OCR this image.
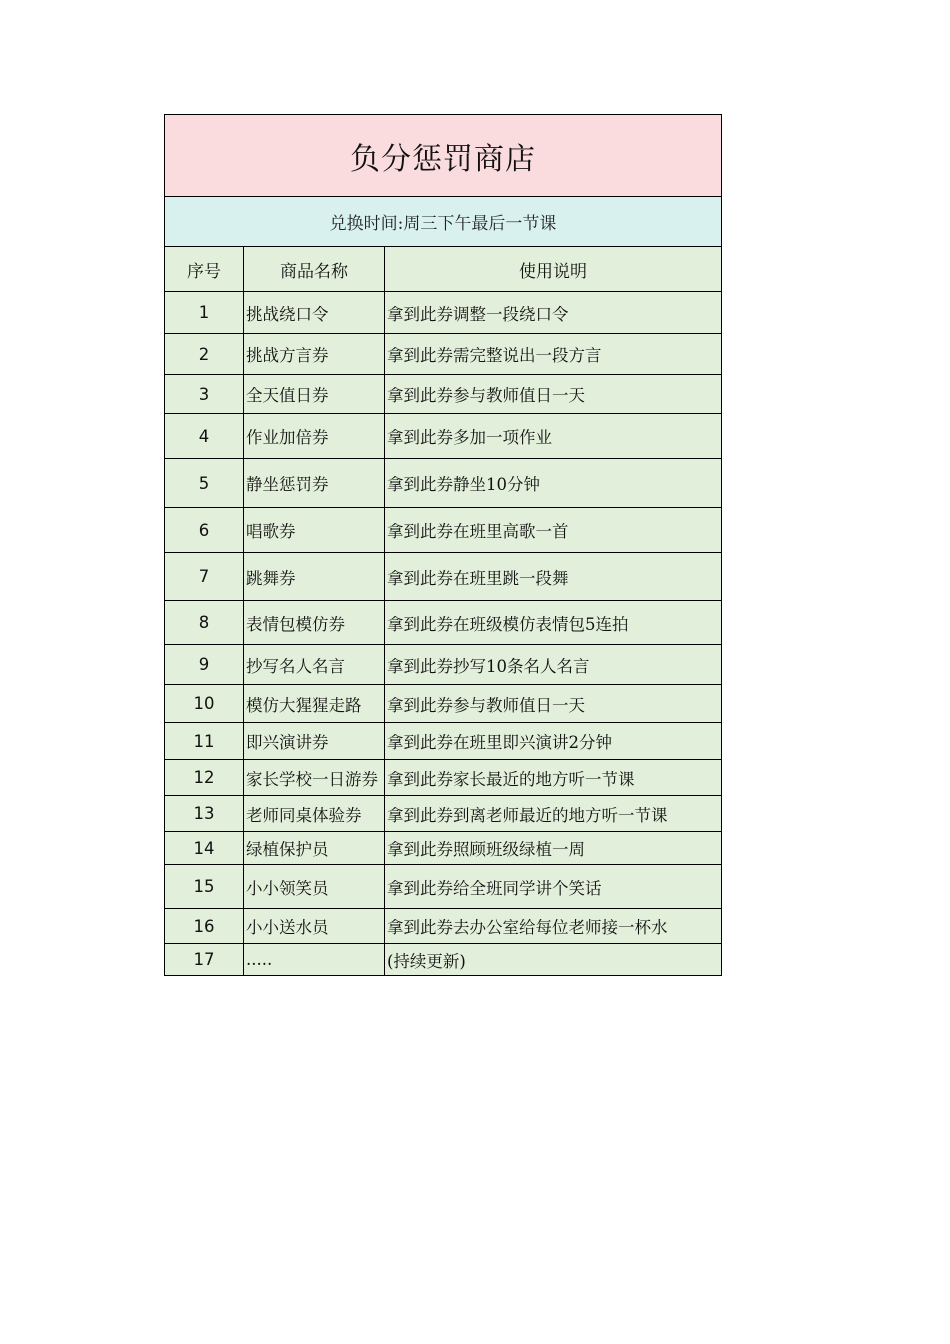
负分惩罚商店		
兑换时间:周三下午最后一节课		
序号	商品名称	使用说明
1	挑战绕口令	拿到此券调整一段绕口令
2	挑战方言券	拿到此券需完整说出一段方言
3	全天值日券	拿到此券参与教师值日一天
4	作业加倍券	拿到此券多加一项作业
5	静坐惩罚券	拿到此券静坐10分钟
6	唱歌券	拿到此券在班里高歌一首
7	跳舞券	拿到此券在班里跳一段舞
8	表情包模仿券	拿到此券在班级模仿表情包5连拍
9	抄写名人名言	拿到此券抄写10条名人名言
10	模仿大猩猩走路	拿到此券参与教师值日一天
11	即兴演讲券	拿到此券在班里即兴演讲2分钟
12	家长学校一日游券	拿到此券家长最近的地方听一节课
13	老师同桌体验券	拿到此券到离老师最近的地方听一节课
14	绿植保护员	拿到此券照顾班级绿植一周
15	小小领笑员	拿到此券给全班同学讲个笑话
16	小小送水员	拿到此券去办公室给每位老师接一杯水
17	.....	(持续更新)
